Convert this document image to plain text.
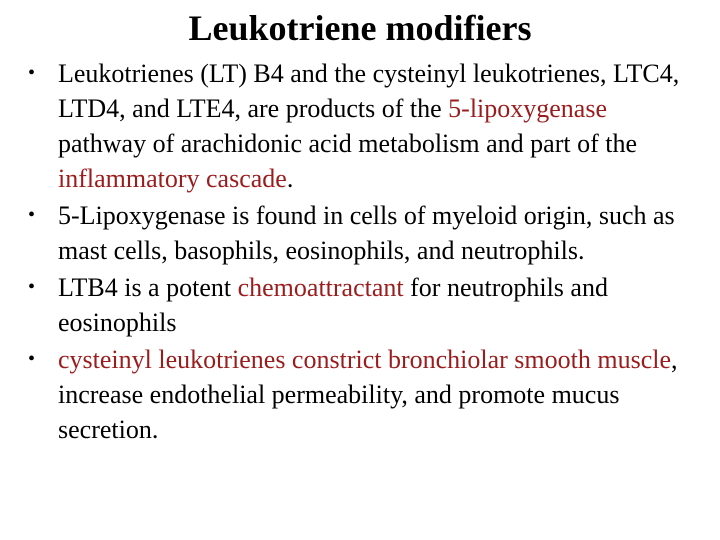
Leukotriene modifiers
• Leukotrienes (LT) B4 and the cysteinyl leukotrienes, LTC4, LTD4, and LTE4, are products of the 5-lipoxygenase pathway of arachidonic acid metabolism and part of the inflammatory cascade.
• 5-Lipoxygenase is found in cells of myeloid origin, such as mast cells, basophils, eosinophils, and neutrophils.
• LTB4 is a potent chemoattractant for neutrophils and eosinophils
• cysteinyl leukotrienes constrict bronchiolar smooth muscle, increase endothelial permeability, and promote mucus secretion.
